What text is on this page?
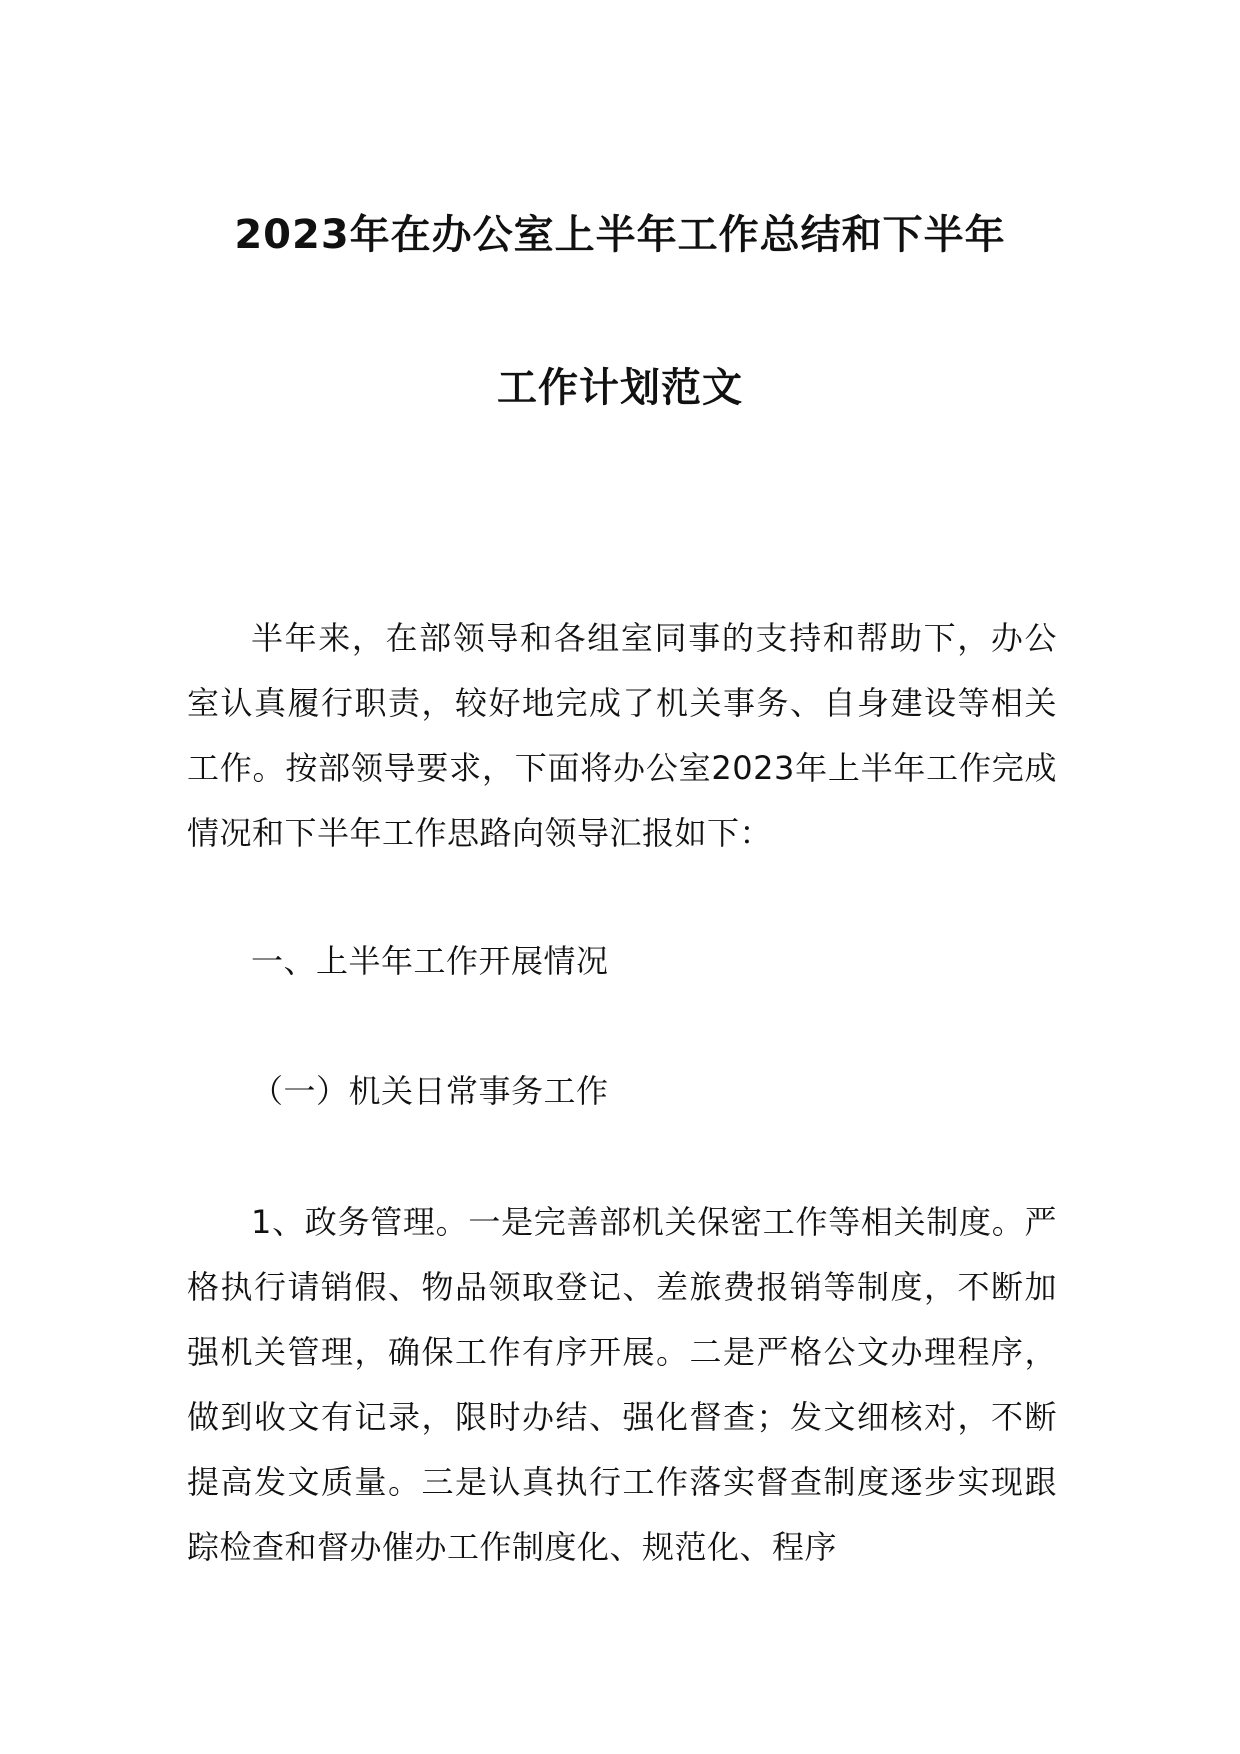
2023年在办公室上半年工作总结和下半年
工作计划范文

半年来，在部领导和各组室同事的支持和帮助下，办公室认真履行职责，较好地完成了机关事务、自身建设等相关工作。按部领导要求，下面将办公室2023年上半年工作完成情况和下半年工作思路向领导汇报如下：

一、上半年工作开展情况

（一）机关日常事务工作

1、政务管理。一是完善部机关保密工作等相关制度。严格执行请销假、物品领取登记、差旅费报销等制度，不断加强机关管理，确保工作有序开展。二是严格公文办理程序，做到收文有记录，限时办结、强化督查；发文细核对，不断提高发文质量。三是认真执行工作落实督查制度逐步实现跟踪检查和督办催办工作制度化、规范化、程序
